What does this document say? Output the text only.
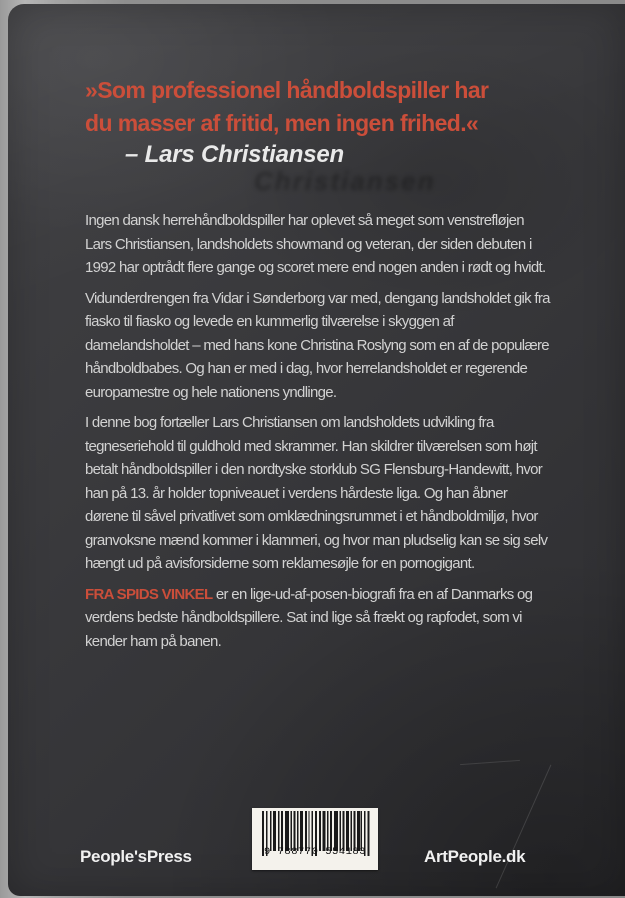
Christiansen
»Som professionel håndboldspiller har
du masser af fritid, men ingen frihed.«
– Lars Christiansen

Ingen dansk herrehåndboldspiller har oplevet så meget som venstrefløjen Lars Christiansen, landsholdets showmand og veteran, der siden debuten i 1992 har optrådt flere gange og scoret mere end nogen anden i rødt og hvidt.

Vidunderdrengen fra Vidar i Sønderborg var med, dengang landsholdet gik fra fiasko til fiasko og levede en kummerlig tilværelse i skyggen af damelandsholdet – med hans kone Christina Roslyng som en af de populære håndboldbabes. Og han er med i dag, hvor herrelandsholdet er regerende europamestre og hele nationens yndlinge.

I denne bog fortæller Lars Christiansen om landsholdets udvikling fra tegneseriehold til guldhold med skrammer. Han skildrer tilværelsen som højt betalt håndboldspiller i den nordtyske storklub SG Flensburg-Handewitt, hvor han på 13. år holder topniveauet i verdens hårdeste liga. Og han åbner dørene til såvel privatlivet som omklædningsrummet i et håndboldmiljø, hvor granvoksne mænd kommer i klammeri, og hvor man pludselig kan se sig selv hængt ud på avisforsiderne som reklamesøjle for en pornogigant.

FRA SPIDS VINKEL er en lige-ud-af-posen-biografi fra en af Danmarks og verdens bedste håndboldspillere. Sat ind lige så frækt og rapfodet, som vi kender ham på banen.

People'sPress	9 788770 554183	ArtPeople.dk
